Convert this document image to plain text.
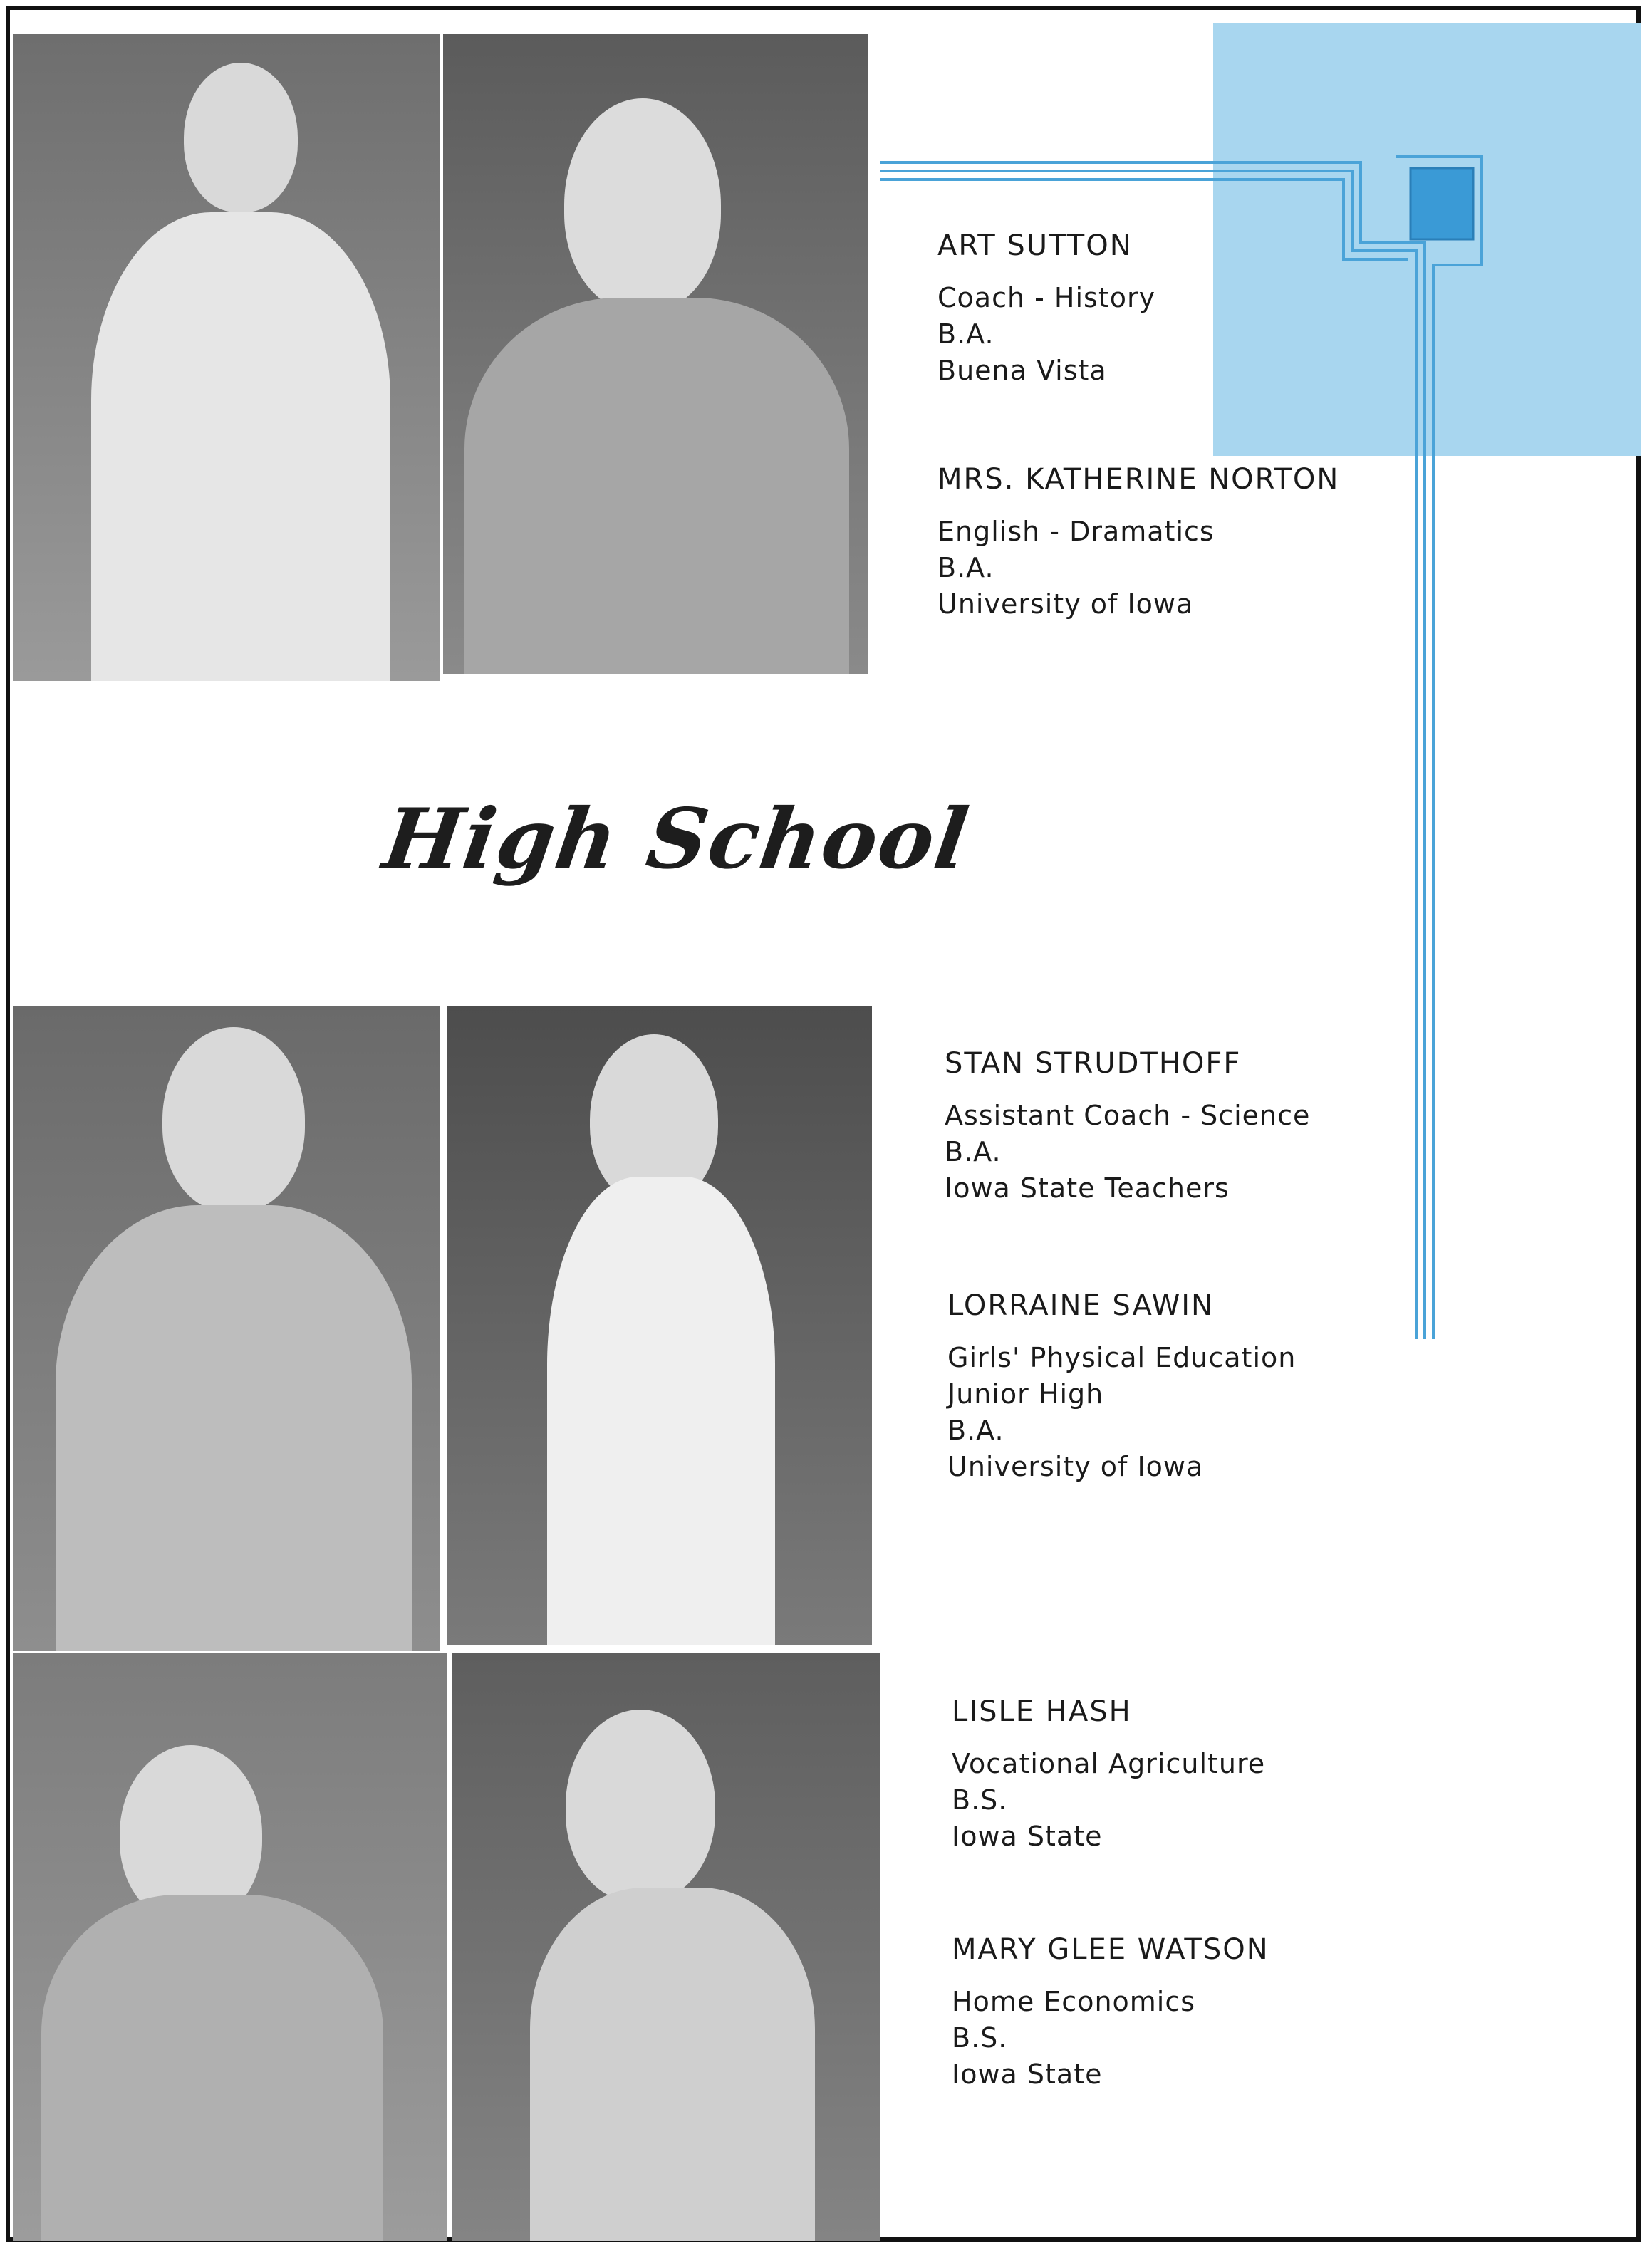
High School
ART SUTTON
Coach - History
B.A.
Buena Vista
MRS. KATHERINE NORTON
English - Dramatics
B.A.
University of Iowa
STAN STRUDTHOFF
Assistant Coach - Science
B.A.
Iowa State Teachers
LORRAINE SAWIN
Girls' Physical Education
Junior High
B.A.
University of Iowa
LISLE HASH
Vocational Agriculture
B.S.
Iowa State
MARY GLEE WATSON
Home Economics
B.S.
Iowa State
